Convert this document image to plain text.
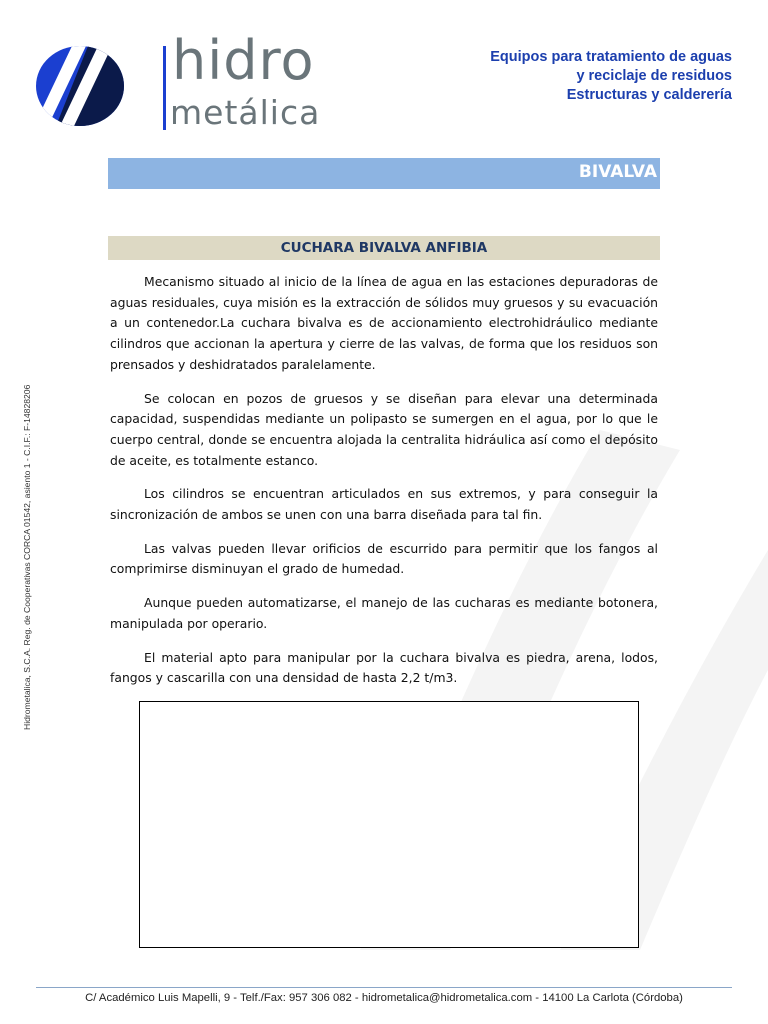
hidro
metálica
Equipos para tratamiento de aguas
y reciclaje de residuos
Estructuras y calderería
BIVALVA
CUCHARA BIVALVA ANFIBIA

Mecanismo situado al inicio de la línea de agua en las estaciones depuradoras de aguas residuales, cuya misión es la extracción de sólidos muy gruesos y su evacuación a un contenedor.La cuchara bivalva es de accionamiento electrohidráulico mediante cilindros que accionan la apertura y cierre de las valvas, de forma que los residuos son prensados y deshidratados paralelamente.

Se colocan en pozos de gruesos y se diseñan para elevar una determinada capacidad, suspendidas mediante un polipasto se sumergen en el agua, por lo que le cuerpo central, donde se encuentra alojada la centralita hidráulica así como el depósito de aceite, es totalmente estanco.

Los cilindros se encuentran articulados en sus extremos, y para conseguir la sincronización de ambos se unen con una barra diseñada para tal fin.

Las valvas pueden llevar orificios de escurrido para permitir que los fangos al comprimirse disminuyan el grado de humedad.

Aunque pueden automatizarse, el manejo de las cucharas es mediante botonera, manipulada por operario.

El material apto para manipular por la cuchara bivalva es piedra, arena, lodos, fangos y cascarilla con una densidad de hasta 2,2 t/m3.

Hidrometalica, S.C.A. Reg. de Cooperativas CORCA 01542, asiento 1 - C.I.F.: F-14828206
C/ Académico Luis Mapelli, 9 - Telf./Fax: 957 306 082 - hidrometalica@hidrometalica.com - 14100 La Carlota (Córdoba)
